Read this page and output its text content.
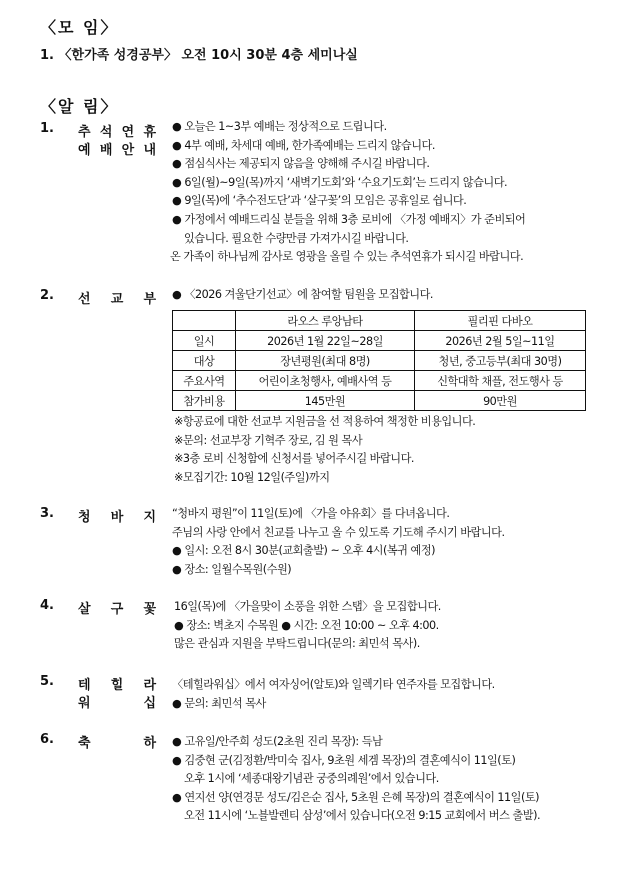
〈모 임〉
1. 〈한가족 성경공부〉 오전 10시 30분 4층 세미나실
〈알 림〉
1. 추 석 연 휴
예 배 안 내
● 오늘은 1~3부 예배는 정상적으로 드립니다.
● 4부 예배, 차세대 예배, 한가족예배는 드리지 않습니다.
● 점심식사는 제공되지 않음을 양해해 주시길 바랍니다.
● 6일(월)~9일(목)까지 ‘새벽기도회’와 ‘수요기도회’는 드리지 않습니다.
● 9일(목)에 ‘추수전도단’과 ‘살구꽃’의 모임은 공휴일로 쉽니다.
● 가정에서 예배드리실 분들을 위해 3층 로비에 〈가정 예배지〉가 준비되어
있습니다. 필요한 수량만큼 가져가시길 바랍니다.
온 가족이 하나님께 감사로 영광을 올릴 수 있는 추석연휴가 되시길 바랍니다.
2. 선 교 부 ● 〈2026 겨울단기선교〉에 참여할 팀원을 모집합니다.
	라오스 루앙남타	필리핀 다바오
일시	2026년 1월 22일~28일	2026년 2월 5일~11일
대상	장년평원(최대 8명)	청년, 중고등부(최대 30명)
주요사역	어린이초청행사, 예배사역 등	신학대학 채플, 전도행사 등
참가비용	145만원	90만원
※항공료에 대한 선교부 지원금을 선 적용하여 책정한 비용입니다.
※문의: 선교부장 기혁주 장로, 김 원 목사
※3층 로비 신청함에 신청서를 넣어주시길 바랍니다.
※모집기간: 10월 12일(주일)까지
3. 청 바 지 “청바지 평원”이 11일(토)에 〈가을 야유회〉를 다녀옵니다.
주님의 사랑 안에서 친교를 나누고 올 수 있도록 기도해 주시기 바랍니다.
● 일시: 오전 8시 30분(교회출발) ~ 오후 4시(복귀 예정)
● 장소: 일월수목원(수원)
4. 살 구 꽃 16일(목)에 〈가을맞이 소풍을 위한 스탭〉을 모집합니다.
● 장소: 벽초지 수목원 ● 시간: 오전 10:00 ~ 오후 4:00.
많은 관심과 지원을 부탁드립니다(문의: 최민석 목사).
5. 테 힐 라
워	십
〈테힐라워십〉에서 여자싱어(알토)와 일렉기타 연주자를 모집합니다.
● 문의: 최민석 목사
6. 축	하 ● 고유일/안주희 성도(2초원 진리 목장): 득남
● 김중현 군(김정환/박미숙 집사, 9초원 세겜 목장)의 결혼예식이 11일(토)
오후 1시에 ‘세종대왕기념관 궁중의례원’에서 있습니다.
● 연지선 양(연경문 성도/김은순 집사, 5초원 은혜 목장)의 결혼예식이 11일(토)
오전 11시에 ‘노블발렌티 삼성’에서 있습니다(오전 9:15 교회에서 버스 출발).
